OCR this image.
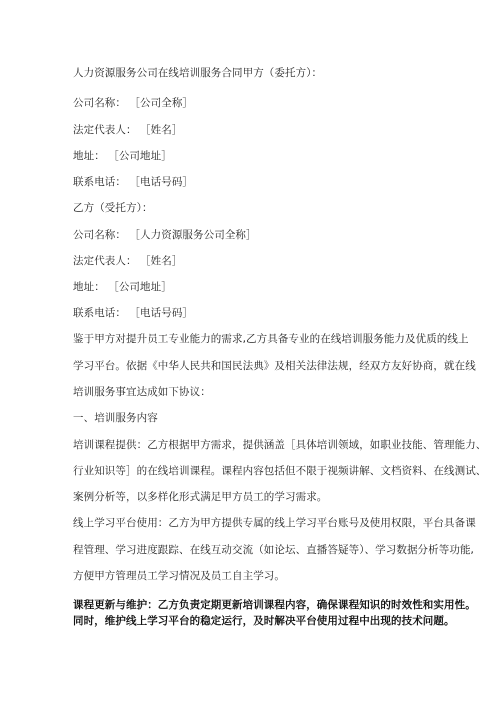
人力资源服务公司在线培训服务合同甲方（委托方）：
公司名称： ［公司全称］
法定代表人： ［姓名］
地址： ［公司地址］
联系电话： ［电话号码］
乙方（受托方）：
公司名称： ［人力资源服务公司全称］
法定代表人： ［姓名］
地址： ［公司地址］
联系电话： ［电话号码］
鉴于甲方对提升员工专业能力的需求,乙方具备专业的在线培训服务能力及优质的线上
学习平台。依据《中华人民共和国民法典》及相关法律法规，经双方友好协商，就在线
培训服务事宜达成如下协议：
一、培训服务内容
培训课程提供：乙方根据甲方需求，提供涵盖［具体培训领域，如职业技能、管理能力、
行业知识等］的在线培训课程。课程内容包括但不限于视频讲解、文档资料、在线测试、
案例分析等，以多样化形式满足甲方员工的学习需求。
线上学习平台使用：乙方为甲方提供专属的线上学习平台账号及使用权限，平台具备课
程管理、学习进度跟踪、在线互动交流（如论坛、直播答疑等）、学习数据分析等功能,
方便甲方管理员工学习情况及员工自主学习。
课程更新与维护：乙方负责定期更新培训课程内容，确保课程知识的时效性和实用性。
同时，维护线上学习平台的稳定运行，及时解决平台使用过程中出现的技术问题。
